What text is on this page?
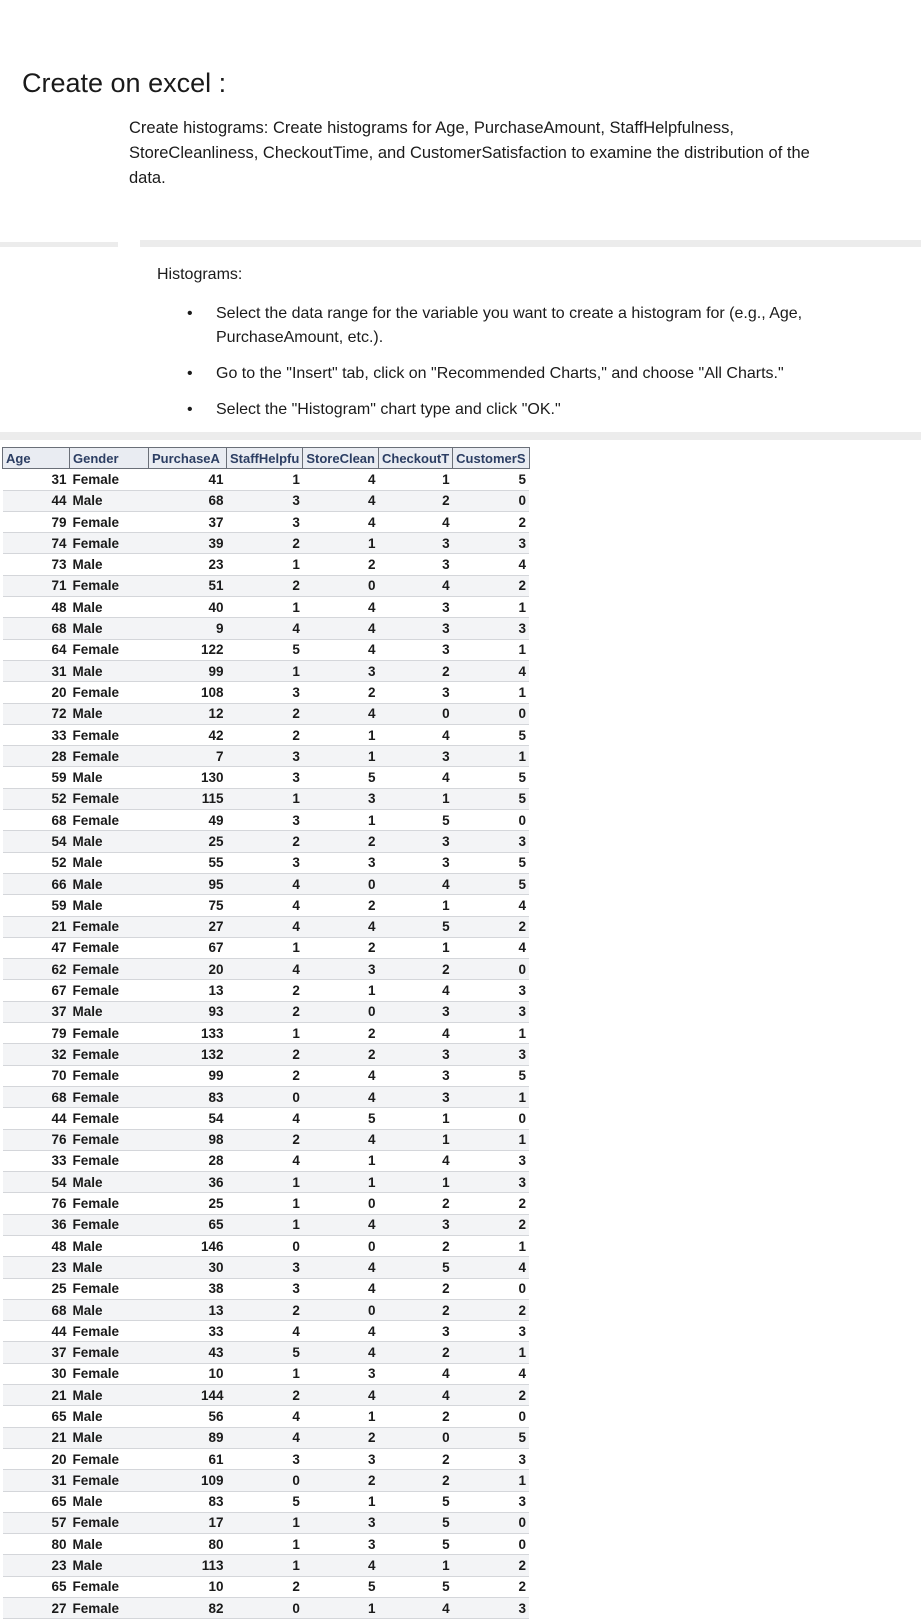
Create on excel :
Create histograms: Create histograms for Age, PurchaseAmount, StaffHelpfulness, StoreCleanliness, CheckoutTime, and CustomerSatisfaction to examine the distribution of the data.
Histograms:
• Select the data range for the variable you want to create a histogram for (e.g., Age, PurchaseAmount, etc.).
• Go to the "Insert" tab, click on "Recommended Charts," and choose "All Charts."
• Select the "Histogram" chart type and click "OK."
Age	Gender	PurchaseA	StaffHelpfu	StoreClean	CheckoutT	CustomerS
31	Female	41	1	4	1	5
44	Male	68	3	4	2	0
79	Female	37	3	4	4	2
74	Female	39	2	1	3	3
73	Male	23	1	2	3	4
71	Female	51	2	0	4	2
48	Male	40	1	4	3	1
68	Male	9	4	4	3	3
64	Female	122	5	4	3	1
31	Male	99	1	3	2	4
20	Female	108	3	2	3	1
72	Male	12	2	4	0	0
33	Female	42	2	1	4	5
28	Female	7	3	1	3	1
59	Male	130	3	5	4	5
52	Female	115	1	3	1	5
68	Female	49	3	1	5	0
54	Male	25	2	2	3	3
52	Male	55	3	3	3	5
66	Male	95	4	0	4	5
59	Male	75	4	2	1	4
21	Female	27	4	4	5	2
47	Female	67	1	2	1	4
62	Female	20	4	3	2	0
67	Female	13	2	1	4	3
37	Male	93	2	0	3	3
79	Female	133	1	2	4	1
32	Female	132	2	2	3	3
70	Female	99	2	4	3	5
68	Female	83	0	4	3	1
44	Female	54	4	5	1	0
76	Female	98	2	4	1	1
33	Female	28	4	1	4	3
54	Male	36	1	1	1	3
76	Female	25	1	0	2	2
36	Female	65	1	4	3	2
48	Male	146	0	0	2	1
23	Male	30	3	4	5	4
25	Female	38	3	4	2	0
68	Male	13	2	0	2	2
44	Female	33	4	4	3	3
37	Female	43	5	4	2	1
30	Female	10	1	3	4	4
21	Male	144	2	4	4	2
65	Male	56	4	1	2	0
21	Male	89	4	2	0	5
20	Female	61	3	3	2	3
31	Female	109	0	2	2	1
65	Male	83	5	1	5	3
57	Female	17	1	3	5	0
80	Male	80	1	3	5	0
23	Male	113	1	4	1	2
65	Female	10	2	5	5	2
27	Female	82	0	1	4	3
